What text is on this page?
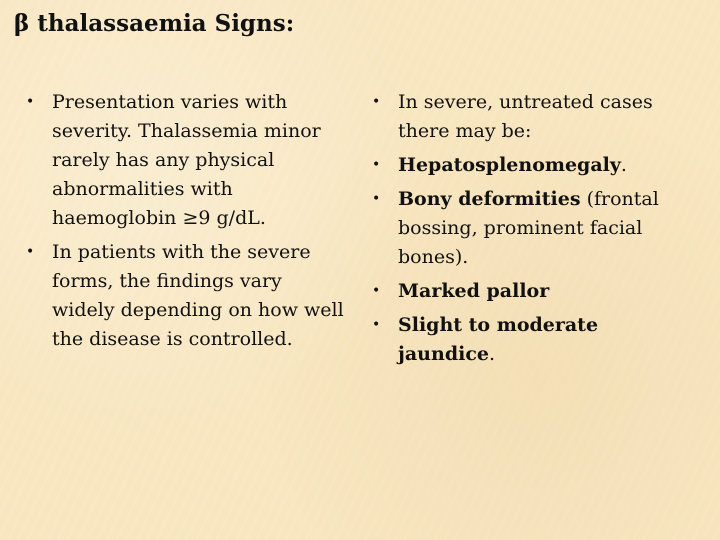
β thalassaemia Signs:
• Presentation varies with severity. Thalassemia minor rarely has any physical abnormalities with haemoglobin ≥9 g/dL.
• In patients with the severe forms, the findings vary widely depending on how well the disease is controlled.
• In severe, untreated cases there may be:
• Hepatosplenomegaly.
• Bony deformities (frontal bossing, prominent facial bones).
• Marked pallor
• Slight to moderate jaundice.
